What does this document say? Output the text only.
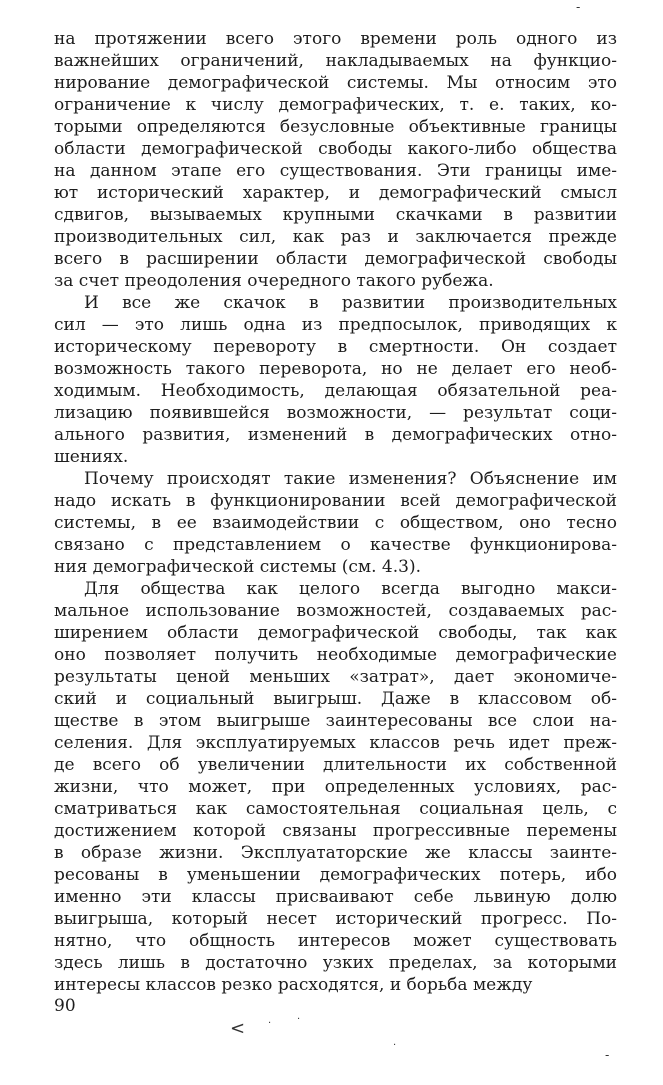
на протяжении всего этого времени роль одного из
важнейших ограничений, накладываемых на функцио-
нирование демографической системы. Мы относим это
ограничение к числу демографических, т. е. таких, ко-
торыми определяются безусловные объективные границы
области демографической свободы какого-либо общества
на данном этапе его существования. Эти границы име-
ют исторический характер, и демографический смысл
сдвигов, вызываемых крупными скачками в развитии
производительных сил, как раз и заключается прежде
всего в расширении области демографической свободы
за счет преодоления очередного такого рубежа.
И все же скачок в развитии производительных
сил — это лишь одна из предпосылок, приводящих к
историческому перевороту в смертности. Он создает
возможность такого переворота, но не делает его необ-
ходимым. Необходимость, делающая обязательной реа-
лизацию появившейся возможности, — результат соци-
ального развития, изменений в демографических отно-
шениях.
Почему происходят такие изменения? Объяснение им
надо искать в функционировании всей демографической
системы, в ее взаимодействии с обществом, оно тесно
связано с представлением о качестве функционирова-
ния демографической системы (см. 4.3).
Для общества как целого всегда выгодно макси-
мальное использование возможностей, создаваемых рас-
ширением области демографической свободы, так как
оно позволяет получить необходимые демографические
результаты ценой меньших «затрат», дает экономиче-
ский и социальный выигрыш. Даже в классовом об-
ществе в этом выигрыше заинтересованы все слои на-
селения. Для эксплуатируемых классов речь идет преж-
де всего об увеличении длительности их собственной
жизни, что может, при определенных условиях, рас-
сматриваться как самостоятельная социальная цель, с
достижением которой связаны прогрессивные перемены
в образе жизни. Эксплуататорские же классы заинте-
ресованы в уменьшении демографических потерь, ибо
именно эти классы присваивают себе львиную долю
выигрыша, который несет исторический прогресс. По-
нятно, что общность интересов может существовать
здесь лишь в достаточно узких пределах, за которыми
интересы классов резко расходятся, и борьба между
90
< ·	·
·
-
-
